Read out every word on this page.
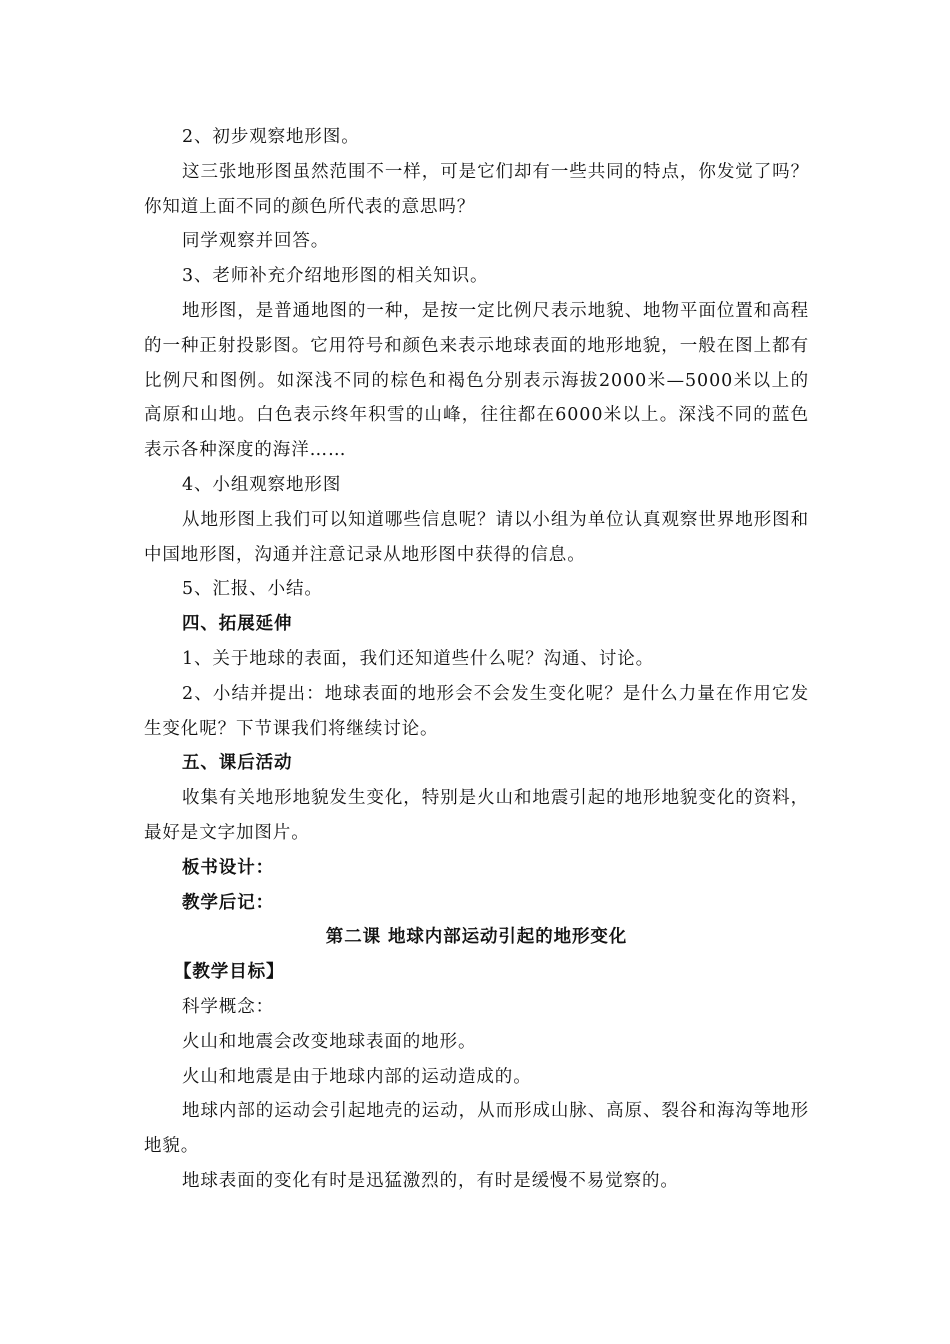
2、初步观察地形图。

这三张地形图虽然范围不一样，可是它们却有一些共同的特点，你发觉了吗？你知道上面不同的颜色所代表的意思吗？

同学观察并回答。

3、老师补充介绍地形图的相关知识。

地形图，是普通地图的一种，是按一定比例尺表示地貌、地物平面位置和高程的一种正射投影图。它用符号和颜色来表示地球表面的地形地貌，一般在图上都有比例尺和图例。如深浅不同的棕色和褐色分别表示海拔2000米—5000米以上的高原和山地。白色表示终年积雪的山峰，往往都在6000米以上。深浅不同的蓝色表示各种深度的海洋……

4、小组观察地形图

从地形图上我们可以知道哪些信息呢？请以小组为单位认真观察世界地形图和中国地形图，沟通并注意记录从地形图中获得的信息。

5、汇报、小结。

四、拓展延伸

1、关于地球的表面，我们还知道些什么呢？沟通、讨论。

2、小结并提出：地球表面的地形会不会发生变化呢？是什么力量在作用它发生变化呢？下节课我们将继续讨论。

五、课后活动

收集有关地形地貌发生变化，特别是火山和地震引起的地形地貌变化的资料，最好是文字加图片。

板书设计：

教学后记：

第二课 地球内部运动引起的地形变化

【教学目标】

科学概念：

火山和地震会改变地球表面的地形。

火山和地震是由于地球内部的运动造成的。

地球内部的运动会引起地壳的运动，从而形成山脉、高原、裂谷和海沟等地形地貌。

地球表面的变化有时是迅猛激烈的，有时是缓慢不易觉察的。
